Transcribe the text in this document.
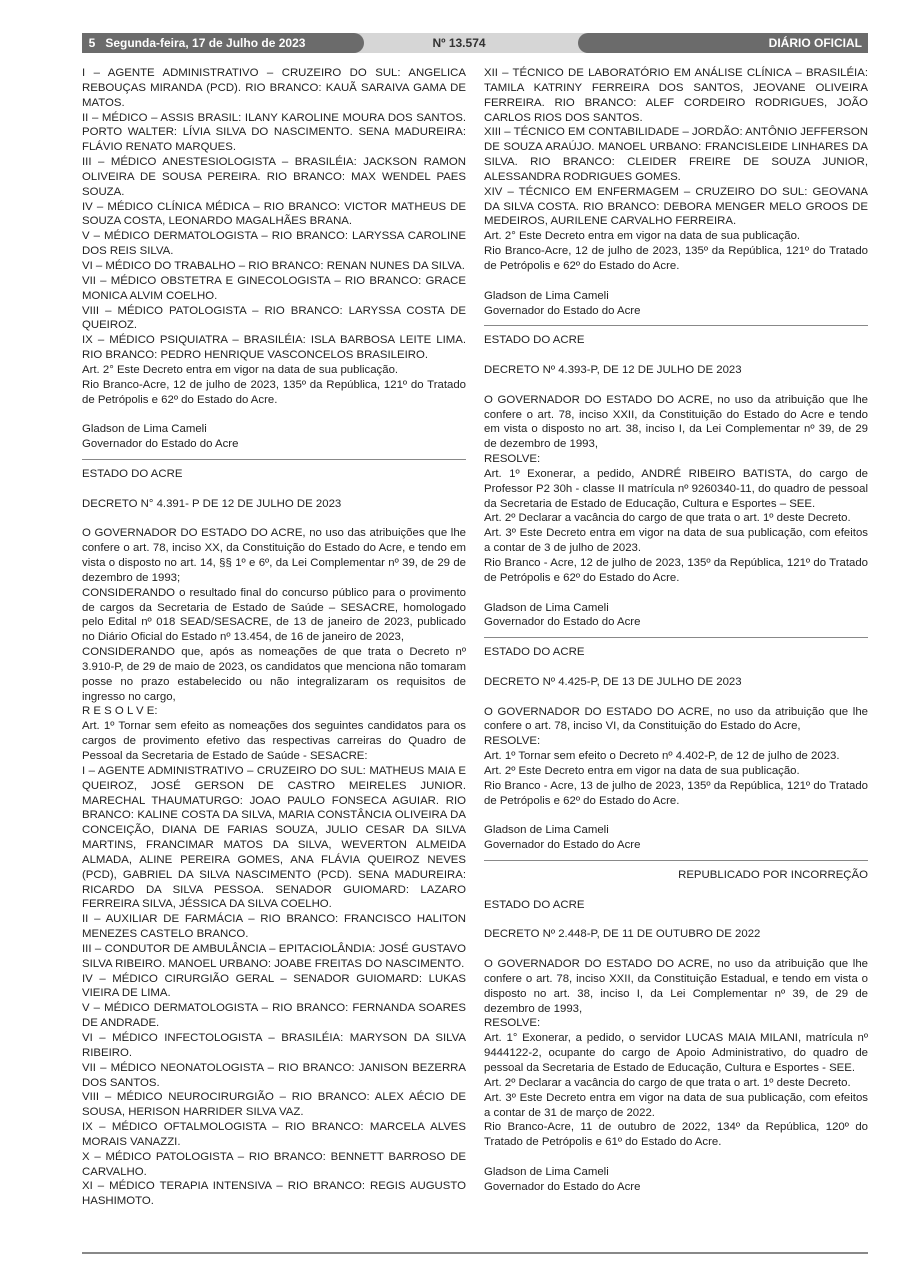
5 Segunda-feira, 17 de Julho de 2023	Nº 13.574	DIÁRIO OFICIAL

I – AGENTE ADMINISTRATIVO – CRUZEIRO DO SUL: ANGELICA REBOUÇAS MIRANDA (PCD). RIO BRANCO: KAUÃ SARAIVA GAMA DE MATOS.

II – MÉDICO – ASSIS BRASIL: ILANY KAROLINE MOURA DOS SANTOS. PORTO WALTER: LÍVIA SILVA DO NASCIMENTO. SENA MADUREIRA: FLÁVIO RENATO MARQUES.

III – MÉDICO ANESTESIOLOGISTA – BRASILÉIA: JACKSON RAMON OLIVEIRA DE SOUSA PEREIRA. RIO BRANCO: MAX WENDEL PAES SOUZA.

IV – MÉDICO CLÍNICA MÉDICA – RIO BRANCO: VICTOR MATHEUS DE SOUZA COSTA, LEONARDO MAGALHÃES BRANA.

V – MÉDICO DERMATOLOGISTA – RIO BRANCO: LARYSSA CAROLINE DOS REIS SILVA.

VI – MÉDICO DO TRABALHO – RIO BRANCO: RENAN NUNES DA SILVA.

VII – MÉDICO OBSTETRA E GINECOLOGISTA – RIO BRANCO: GRACE MONICA ALVIM COELHO.

VIII – MÉDICO PATOLOGISTA – RIO BRANCO: LARYSSA COSTA DE QUEIROZ.

IX – MÉDICO PSIQUIATRA – BRASILÉIA: ISLA BARBOSA LEITE LIMA. RIO BRANCO: PEDRO HENRIQUE VASCONCELOS BRASILEIRO.

Art. 2° Este Decreto entra em vigor na data de sua publicação.

Rio Branco-Acre, 12 de julho de 2023, 135º da República, 121º do Tratado de Petrópolis e 62º do Estado do Acre.

Gladson de Lima Cameli

Governador do Estado do Acre

ESTADO DO ACRE

DECRETO N° 4.391- P DE 12 DE JULHO DE 2023

O GOVERNADOR DO ESTADO DO ACRE, no uso das atribuições que lhe confere o art. 78, inciso XX, da Constituição do Estado do Acre, e tendo em vista o disposto no art. 14, §§ 1º e 6º, da Lei Complementar nº 39, de 29 de dezembro de 1993;

CONSIDERANDO o resultado final do concurso público para o provimento de cargos da Secretaria de Estado de Saúde – SESACRE, homologado pelo Edital nº 018 SEAD/SESACRE, de 13 de janeiro de 2023, publicado no Diário Oficial do Estado nº 13.454, de 16 de janeiro de 2023,

CONSIDERANDO que, após as nomeações de que trata o Decreto nº 3.910-P, de 29 de maio de 2023, os candidatos que menciona não tomaram posse no prazo estabelecido ou não integralizaram os requisitos de ingresso no cargo,

R E S O L V E:

Art. 1º Tornar sem efeito as nomeações dos seguintes candidatos para os cargos de provimento efetivo das respectivas carreiras do Quadro de Pessoal da Secretaria de Estado de Saúde - SESACRE:

I – AGENTE ADMINISTRATIVO – CRUZEIRO DO SUL: MATHEUS MAIA E QUEIROZ, JOSÉ GERSON DE CASTRO MEIRELES JUNIOR. MARECHAL THAUMATURGO: JOAO PAULO FONSECA AGUIAR. RIO BRANCO: KALINE COSTA DA SILVA, MARIA CONSTÂNCIA OLIVEIRA DA CONCEIÇÃO, DIANA DE FARIAS SOUZA, JULIO CESAR DA SILVA MARTINS, FRANCIMAR MATOS DA SILVA, WEVERTON ALMEIDA ALMADA, ALINE PEREIRA GOMES, ANA FLÁVIA QUEIROZ NEVES (PCD), GABRIEL DA SILVA NASCIMENTO (PCD). SENA MADUREIRA: RICARDO DA SILVA PESSOA. SENADOR GUIOMARD: LAZARO FERREIRA SILVA, JÉSSICA DA SILVA COELHO.

II – AUXILIAR DE FARMÁCIA – RIO BRANCO: FRANCISCO HALITON MENEZES CASTELO BRANCO.

III – CONDUTOR DE AMBULÂNCIA – EPITACIOLÂNDIA: JOSÉ GUSTAVO SILVA RIBEIRO. MANOEL URBANO: JOABE FREITAS DO NASCIMENTO.

IV – MÉDICO CIRURGIÃO GERAL – SENADOR GUIOMARD: LUKAS VIEIRA DE LIMA.

V – MÉDICO DERMATOLOGISTA – RIO BRANCO: FERNANDA SOARES DE ANDRADE.

VI – MÉDICO INFECTOLOGISTA – BRASILÉIA: MARYSON DA SILVA RIBEIRO.

VII – MÉDICO NEONATOLOGISTA – RIO BRANCO: JANISON BEZERRA DOS SANTOS.

VIII – MÉDICO NEUROCIRURGIÃO – RIO BRANCO: ALEX AÉCIO DE SOUSA, HERISON HARRIDER SILVA VAZ.

IX – MÉDICO OFTALMOLOGISTA – RIO BRANCO: MARCELA ALVES MORAIS VANAZZI.

X – MÉDICO PATOLOGISTA – RIO BRANCO: BENNETT BARROSO DE CARVALHO.

XI – MÉDICO TERAPIA INTENSIVA – RIO BRANCO: REGIS AUGUSTO HASHIMOTO.

XII – TÉCNICO DE LABORATÓRIO EM ANÁLISE CLÍNICA – BRASILÉIA: TAMILA KATRINY FERREIRA DOS SANTOS, JEOVANE OLIVEIRA FERREIRA. RIO BRANCO: ALEF CORDEIRO RODRIGUES, JOÃO CARLOS RIOS DOS SANTOS.

XIII – TÉCNICO EM CONTABILIDADE – JORDÃO: ANTÔNIO JEFFERSON DE SOUZA ARAÚJO. MANOEL URBANO: FRANCISLEIDE LINHARES DA SILVA. RIO BRANCO: CLEIDER FREIRE DE SOUZA JUNIOR, ALESSANDRA RODRIGUES GOMES.

XIV – TÉCNICO EM ENFERMAGEM – CRUZEIRO DO SUL: GEOVANA DA SILVA COSTA. RIO BRANCO: DEBORA MENGER MELO GROOS DE MEDEIROS, AURILENE CARVALHO FERREIRA.

Art. 2° Este Decreto entra em vigor na data de sua publicação.

Rio Branco-Acre, 12 de julho de 2023, 135º da República, 121º do Tratado de Petrópolis e 62º do Estado do Acre.

Gladson de Lima Cameli

Governador do Estado do Acre

ESTADO DO ACRE

DECRETO Nº 4.393-P, DE 12 DE JULHO DE 2023

O GOVERNADOR DO ESTADO DO ACRE, no uso da atribuição que lhe confere o art. 78, inciso XXII, da Constituição do Estado do Acre e tendo em vista o disposto no art. 38, inciso I, da Lei Complementar nº 39, de 29 de dezembro de 1993,

RESOLVE:

Art. 1º Exonerar, a pedido, ANDRÉ RIBEIRO BATISTA, do cargo de Professor P2 30h - classe II matrícula nº 9260340-11, do quadro de pessoal da Secretaria de Estado de Educação, Cultura e Esportes – SEE.

Art. 2º Declarar a vacância do cargo de que trata o art. 1º deste Decreto.

Art. 3º Este Decreto entra em vigor na data de sua publicação, com efeitos a contar de 3 de julho de 2023.

Rio Branco - Acre, 12 de julho de 2023, 135º da República, 121º do Tratado de Petrópolis e 62º do Estado do Acre.

Gladson de Lima Cameli

Governador do Estado do Acre

ESTADO DO ACRE

DECRETO Nº 4.425-P, DE 13 DE JULHO DE 2023

O GOVERNADOR DO ESTADO DO ACRE, no uso da atribuição que lhe confere o art. 78, inciso VI, da Constituição do Estado do Acre,

RESOLVE:

Art. 1º Tornar sem efeito o Decreto nº 4.402-P, de 12 de julho de 2023.

Art. 2º Este Decreto entra em vigor na data de sua publicação.

Rio Branco - Acre, 13 de julho de 2023, 135º da República, 121º do Tratado de Petrópolis e 62º do Estado do Acre.

Gladson de Lima Cameli

Governador do Estado do Acre

REPUBLICADO POR INCORREÇÃO

ESTADO DO ACRE

DECRETO Nº 2.448-P, DE 11 DE OUTUBRO DE 2022

O GOVERNADOR DO ESTADO DO ACRE, no uso da atribuição que lhe confere o art. 78, inciso XXII, da Constituição Estadual, e tendo em vista o disposto no art. 38, inciso I, da Lei Complementar nº 39, de 29 de dezembro de 1993,

RESOLVE:

Art. 1° Exonerar, a pedido, o servidor LUCAS MAIA MILANI, matrícula nº 9444122-2, ocupante do cargo de Apoio Administrativo, do quadro de pessoal da Secretaria de Estado de Educação, Cultura e Esportes - SEE.

Art. 2º Declarar a vacância do cargo de que trata o art. 1º deste Decreto.

Art. 3º Este Decreto entra em vigor na data de sua publicação, com efeitos a contar de 31 de março de 2022.

Rio Branco-Acre, 11 de outubro de 2022, 134º da República, 120º do Tratado de Petrópolis e 61º do Estado do Acre.

Gladson de Lima Cameli

Governador do Estado do Acre
